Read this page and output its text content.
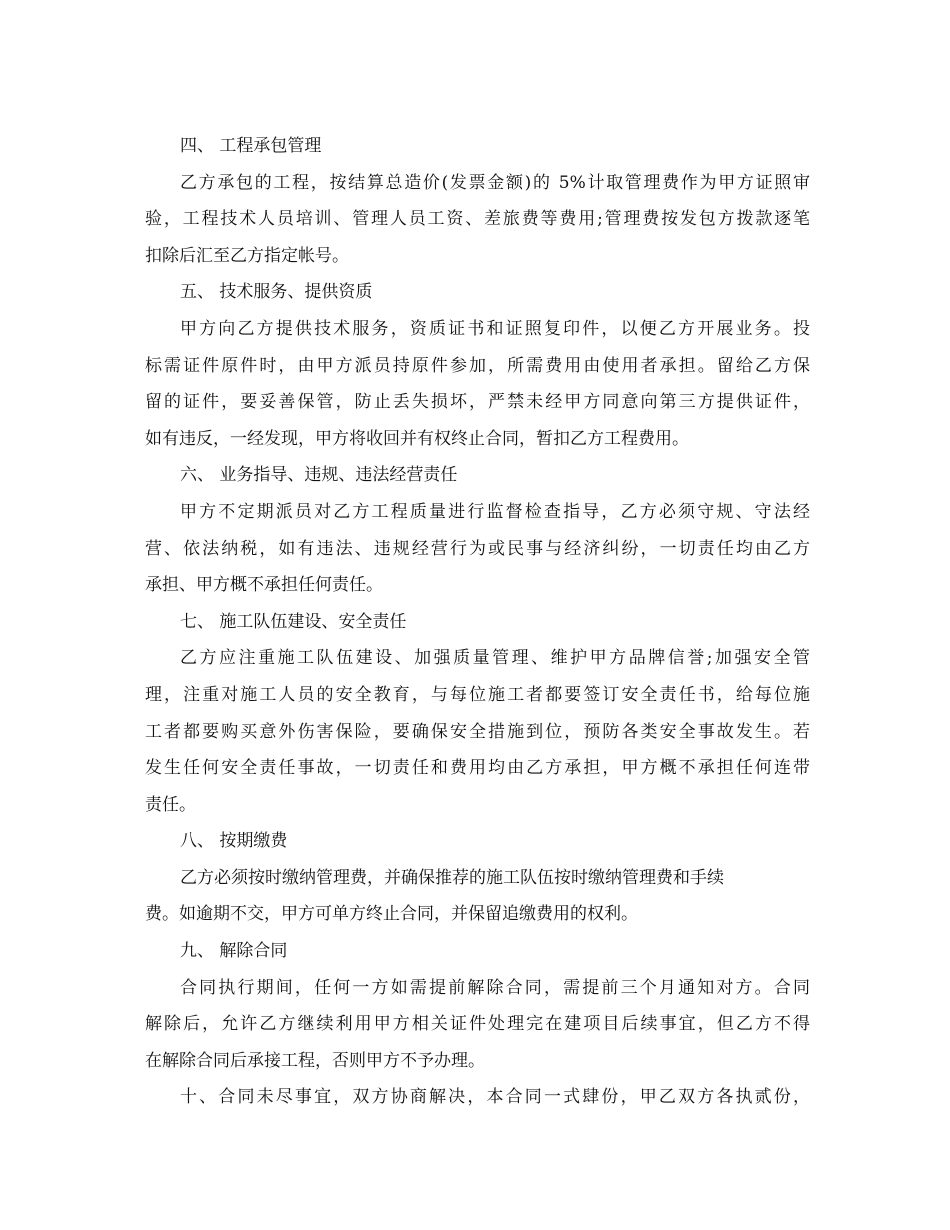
四、 工程承包管理
乙方承包的工程，按结算总造价(发票金额)的 5%计取管理费作为甲方证照审
验，工程技术人员培训、管理人员工资、差旅费等费用;管理费按发包方拨款逐笔
扣除后汇至乙方指定帐号。
五、 技术服务、提供资质
甲方向乙方提供技术服务，资质证书和证照复印件，以便乙方开展业务。投
标需证件原件时，由甲方派员持原件参加，所需费用由使用者承担。留给乙方保
留的证件，要妥善保管，防止丢失损坏，严禁未经甲方同意向第三方提供证件，
如有违反，一经发现，甲方将收回并有权终止合同，暂扣乙方工程费用。
六、 业务指导、违规、违法经营责任
甲方不定期派员对乙方工程质量进行监督检查指导，乙方必须守规、守法经
营、依法纳税，如有违法、违规经营行为或民事与经济纠纷，一切责任均由乙方
承担、甲方概不承担任何责任。
七、 施工队伍建设、安全责任
乙方应注重施工队伍建设、加强质量管理、维护甲方品牌信誉;加强安全管
理，注重对施工人员的安全教育，与每位施工者都要签订安全责任书，给每位施
工者都要购买意外伤害保险，要确保安全措施到位，预防各类安全事故发生。若
发生任何安全责任事故，一切责任和费用均由乙方承担，甲方概不承担任何连带
责任。
八、 按期缴费
乙方必须按时缴纳管理费，并确保推荐的施工队伍按时缴纳管理费和手续
费。如逾期不交，甲方可单方终止合同，并保留追缴费用的权利。
九、 解除合同
合同执行期间，任何一方如需提前解除合同，需提前三个月通知对方。合同
解除后，允许乙方继续利用甲方相关证件处理完在建项目后续事宜，但乙方不得
在解除合同后承接工程，否则甲方不予办理。
十、合同未尽事宜，双方协商解决，本合同一式肆份，甲乙双方各执贰份，
